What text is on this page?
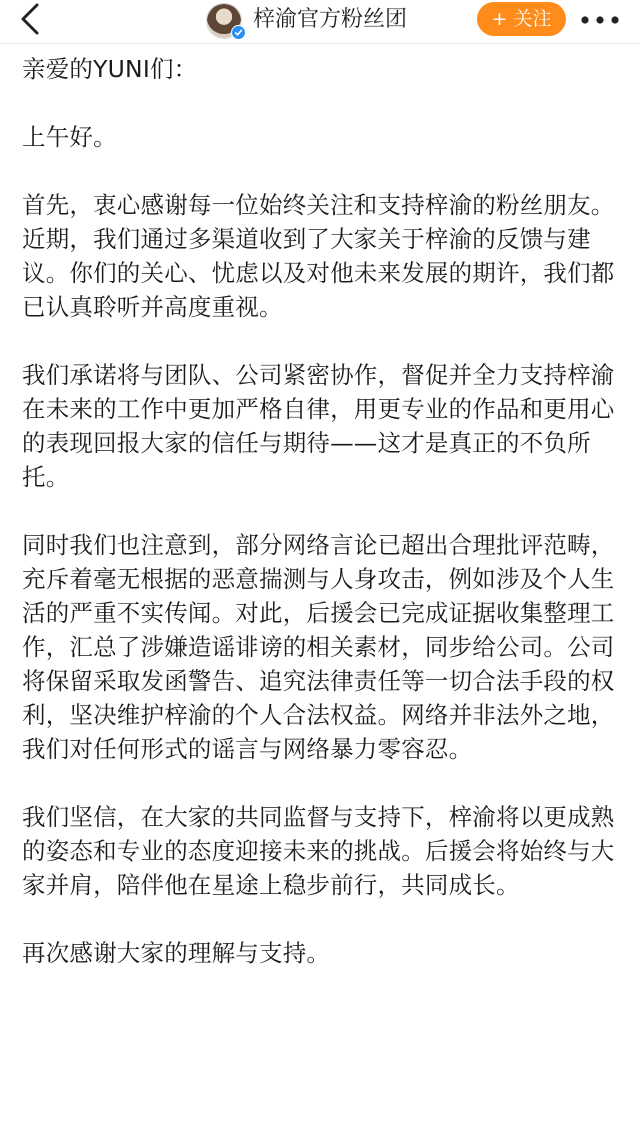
梓渝官方粉丝团	+ 关注

亲爱的YUNI们：

上午好。

首先，衷心感谢每一位始终关注和支持梓渝的粉丝朋友。近期，我们通过多渠道收到了大家关于梓渝的反馈与建议。你们的关心、忧虑以及对他未来发展的期许，我们都已认真聆听并高度重视。

我们承诺将与团队、公司紧密协作，督促并全力支持梓渝在未来的工作中更加严格自律，用更专业的作品和更用心的表现回报大家的信任与期待——这才是真正的不负所托。

同时我们也注意到，部分网络言论已超出合理批评范畴，充斥着毫无根据的恶意揣测与人身攻击，例如涉及个人生活的严重不实传闻。对此，后援会已完成证据收集整理工作，汇总了涉嫌造谣诽谤的相关素材，同步给公司。公司将保留采取发函警告、追究法律责任等一切合法手段的权利，坚决维护梓渝的个人合法权益。网络并非法外之地，我们对任何形式的谣言与网络暴力零容忍。

我们坚信，在大家的共同监督与支持下，梓渝将以更成熟的姿态和专业的态度迎接未来的挑战。后援会将始终与大家并肩，陪伴他在星途上稳步前行，共同成长。

再次感谢大家的理解与支持。
